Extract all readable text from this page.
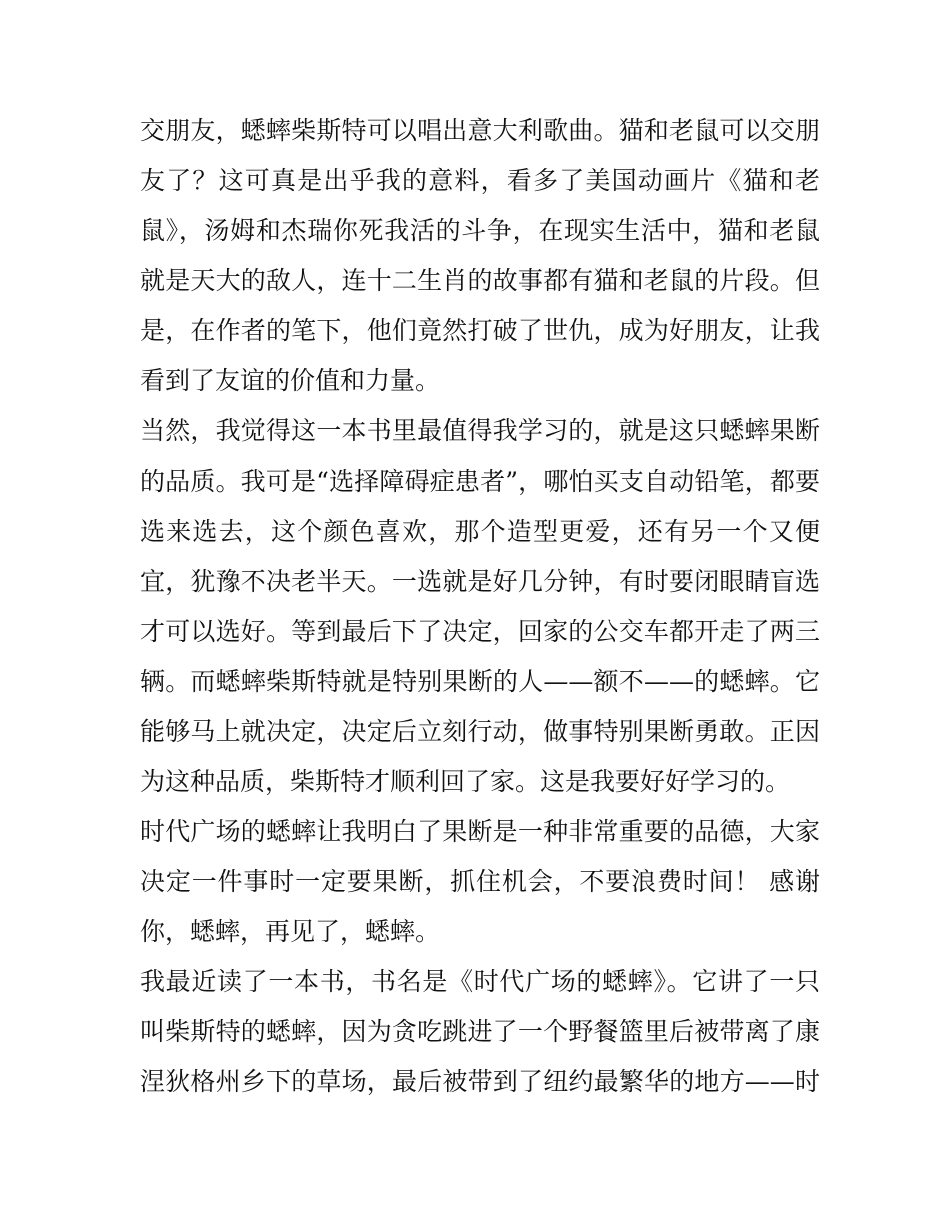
交朋友，蟋蟀柴斯特可以唱出意大利歌曲。猫和老鼠可以交朋
友了？这可真是出乎我的意料，看多了美国动画片《猫和老
鼠》，汤姆和杰瑞你死我活的斗争，在现实生活中，猫和老鼠
就是天大的敌人，连十二生肖的故事都有猫和老鼠的片段。但
是，在作者的笔下，他们竟然打破了世仇，成为好朋友，让我
看到了友谊的价值和力量。
当然，我觉得这一本书里最值得我学习的，就是这只蟋蟀果断
的品质。我可是“选择障碍症患者”，哪怕买支自动铅笔，都要
选来选去，这个颜色喜欢，那个造型更爱，还有另一个又便
宜，犹豫不决老半天。一选就是好几分钟，有时要闭眼睛盲选
才可以选好。等到最后下了决定，回家的公交车都开走了两三
辆。而蟋蟀柴斯特就是特别果断的人——额不——的蟋蟀。它
能够马上就决定，决定后立刻行动，做事特别果断勇敢。正因
为这种品质，柴斯特才顺利回了家。这是我要好好学习的。
时代广场的蟋蟀让我明白了果断是一种非常重要的品德，大家
决定一件事时一定要果断，抓住机会，不要浪费时间！ 感谢
你，蟋蟀，再见了，蟋蟀。
我最近读了一本书，书名是《时代广场的蟋蟀》。它讲了一只
叫柴斯特的蟋蟀，因为贪吃跳进了一个野餐篮里后被带离了康
涅狄格州乡下的草场，最后被带到了纽约最繁华的地方——时
